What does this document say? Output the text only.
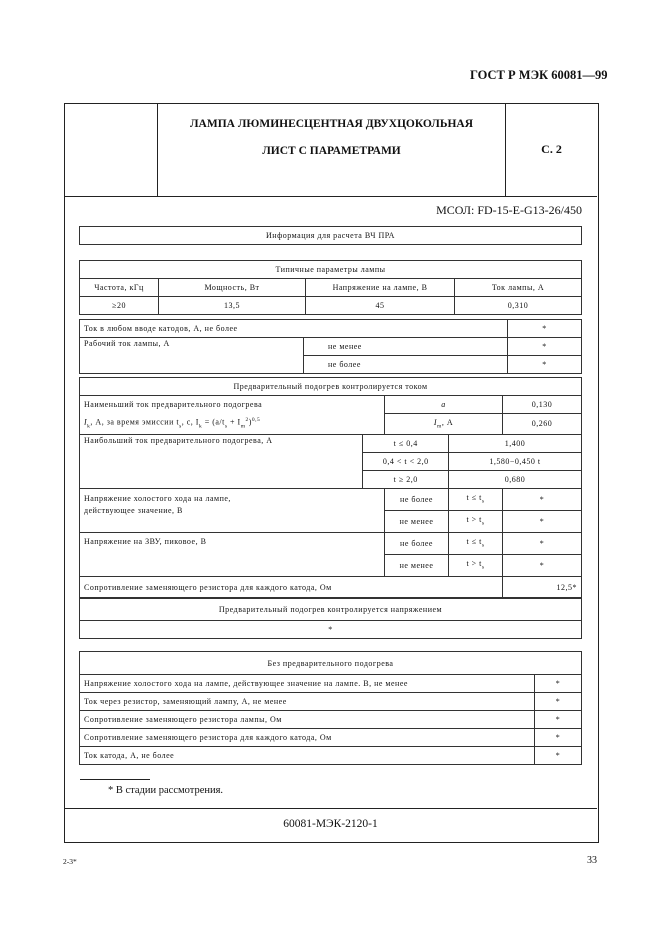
ГОСТ Р МЭК 60081—99
ЛАМПА ЛЮМИНЕСЦЕНТНАЯ ДВУХЦОКОЛЬНАЯ
ЛИСТ С ПАРАМЕТРАМИ	С. 2
МСОЛ: FD-15-E-G13-26/450
Информация для расчета ВЧ ПРА
Типичные параметры лампы			
Частота, кГц	Мощность, Вт	Напряжение на лампе, В	Ток лампы, А
≥20	13,5	45	0,310
Ток в любом вводе катодов, А, не более		*
Рабочий ток лампы, А	не менее	*
	не более	*
Предварительный подогрев контролируется током				
Наименьший ток предварительного подогрева		a		0,130
$I_k$, А, за время эмиссии $t_s$, с, $I_k = (a/t_s + I_m^2)^{0,5}$		$I_m$, А		0,260
Наибольший ток предварительного подогрева, А	t ≤ 0,4		1,400	
	0,4 < t < 2,0		1,580−0,450 t	
	t ≥ 2,0		0,680	
Напряжение холостого хода на лампе,
действующее значение, В		не более	$t \le t_s$	*
		не менее	$t > t_s$	*
Напряжение на ЗВУ, пиковое, В		не более	$t \le t_s$	*
		не менее	$t > t_s$	*
Сопротивление заменяющего резистора для каждого катода, Ом				12,5*
Предварительный подогрев контролируется напряжением
*
Без предварительного подогрева	
Напряжение холостого хода на лампе, действующее значение на лампе. В, не менее	*
Ток через резистор, заменяющий лампу, А, не менее	*
Сопротивление заменяющего резистора лампы, Ом	*
Сопротивление заменяющего резистора для каждого катода, Ом	*
Ток катода, А, не более	*
* В стадии рассмотрения.
60081-МЭК-2120-1
2-3*	33
